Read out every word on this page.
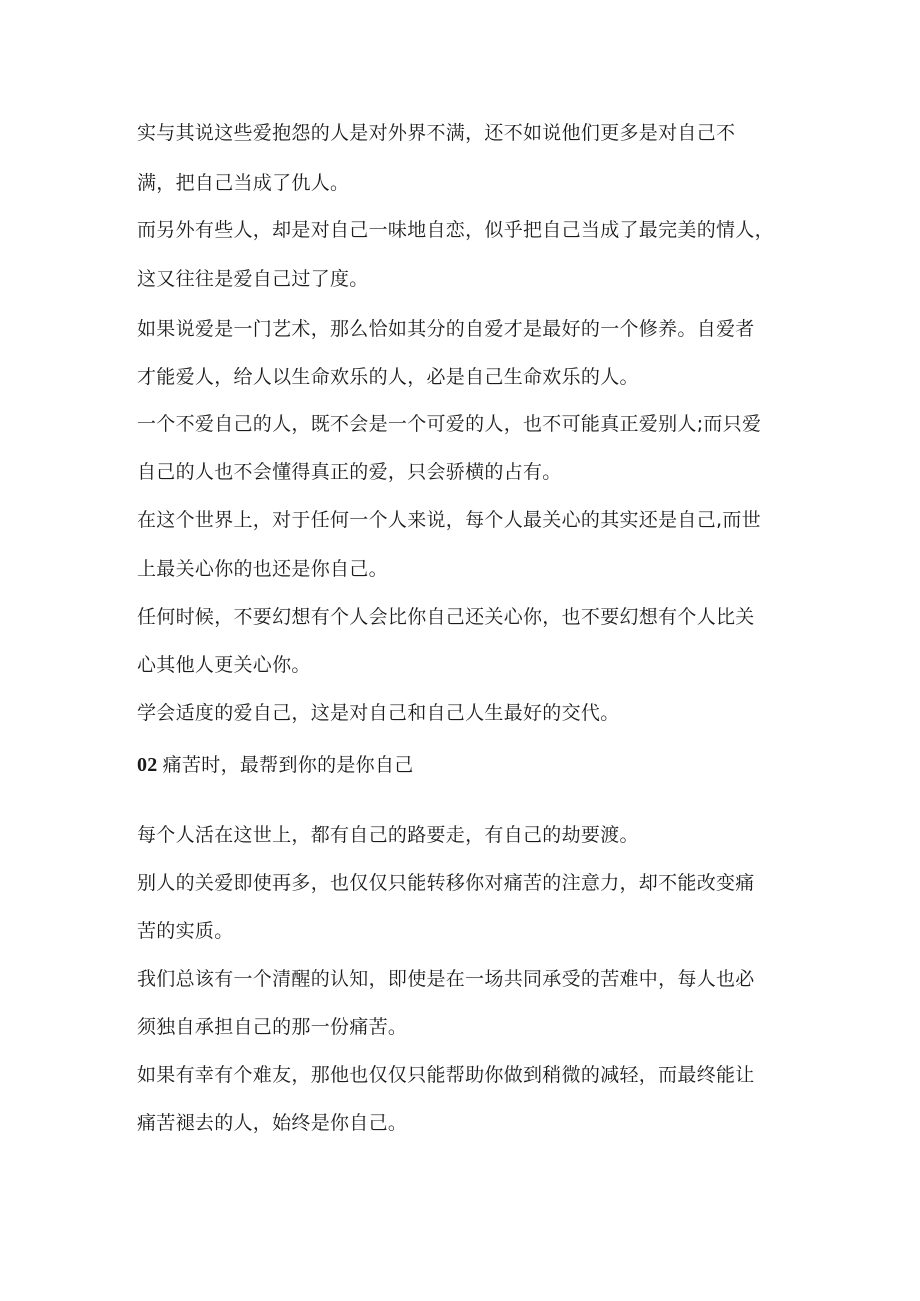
实与其说这些爱抱怨的人是对外界不满，还不如说他们更多是对自己不
满，把自己当成了仇人。
而另外有些人，却是对自己一味地自恋，似乎把自己当成了最完美的情人，
这又往往是爱自己过了度。
如果说爱是一门艺术，那么恰如其分的自爱才是最好的一个修养。自爱者
才能爱人，给人以生命欢乐的人，必是自己生命欢乐的人。
一个不爱自己的人，既不会是一个可爱的人，也不可能真正爱别人;而只爱
自己的人也不会懂得真正的爱，只会骄横的占有。
在这个世界上，对于任何一个人来说，每个人最关心的其实还是自己,而世
上最关心你的也还是你自己。
任何时候，不要幻想有个人会比你自己还关心你，也不要幻想有个人比关
心其他人更关心你。
学会适度的爱自己，这是对自己和自己人生最好的交代。
02 痛苦时，最帮到你的是你自己
每个人活在这世上，都有自己的路要走，有自己的劫要渡。
别人的关爱即使再多，也仅仅只能转移你对痛苦的注意力，却不能改变痛
苦的实质。
我们总该有一个清醒的认知，即使是在一场共同承受的苦难中，每人也必
须独自承担自己的那一份痛苦。
如果有幸有个难友，那他也仅仅只能帮助你做到稍微的减轻，而最终能让
痛苦褪去的人，始终是你自己。
